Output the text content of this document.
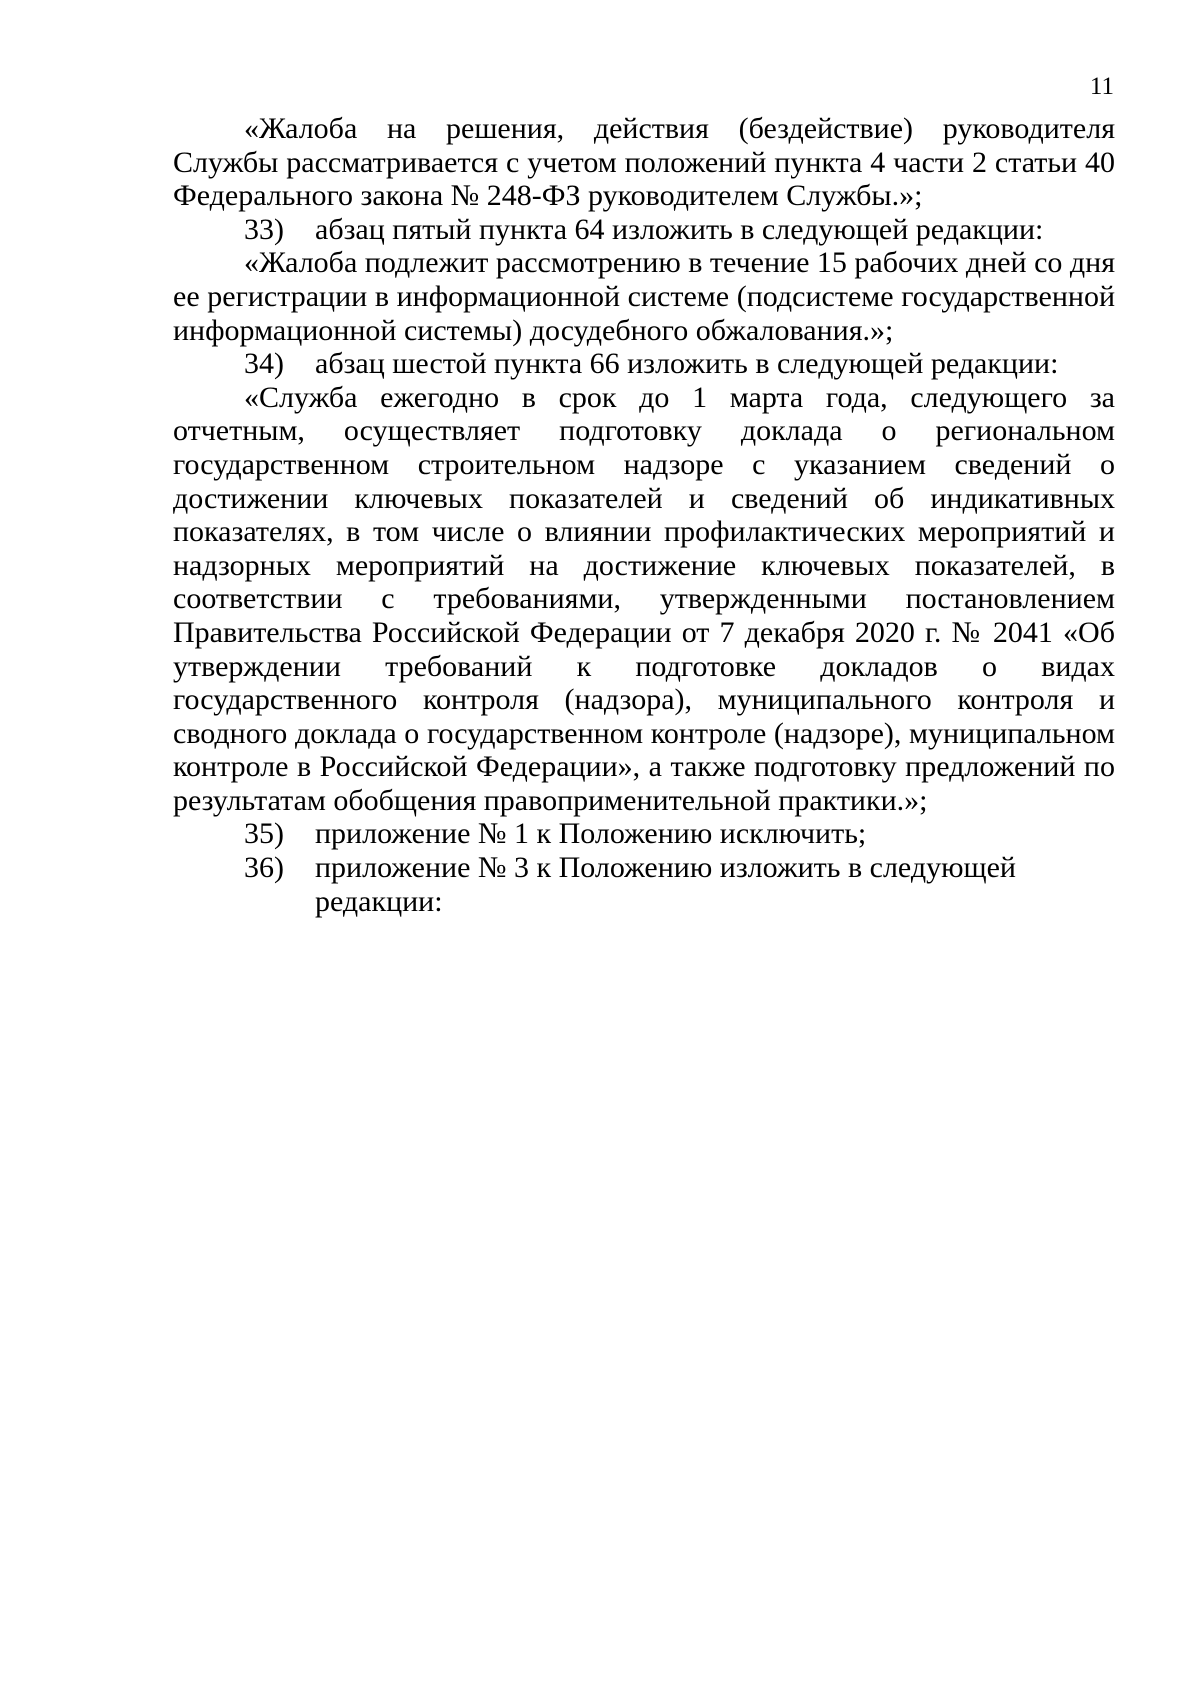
11

«Жалоба на решения, действия (бездействие) руководителя Службы рассматривается с учетом положений пункта 4 части 2 статьи 40 Федерального закона № 248-ФЗ руководителем Службы.»;

33)	абзац пятый пункта 64 изложить в следующей редакции:

«Жалоба подлежит рассмотрению в течение 15 рабочих дней со дня ее регистрации в информационной системе (подсистеме государственной информационной системы) досудебного обжалования.»;

34)	абзац шестой пункта 66 изложить в следующей редакции:

«Служба ежегодно в срок до 1 марта года, следующего за отчетным, осуществляет подготовку доклада о региональном государственном строительном надзоре с указанием сведений о достижении ключевых показателей и сведений об индикативных показателях, в том числе о влиянии профилактических мероприятий и надзорных мероприятий на достижение ключевых показателей, в соответствии с требованиями, утвержденными постановлением Правительства Российской Федерации от 7 декабря 2020 г. № 2041 «Об утверждении требований к подготовке докладов о видах государственного контроля (надзора), муниципального контроля и сводного доклада о государственном контроле (надзоре), муниципальном контроле в Российской Федерации», а также подготовку предложений по результатам обобщения правоприменительной практики.»;

35)	приложение № 1 к Положению исключить;

36)	приложение № 3 к Положению изложить в следующей редакции:
